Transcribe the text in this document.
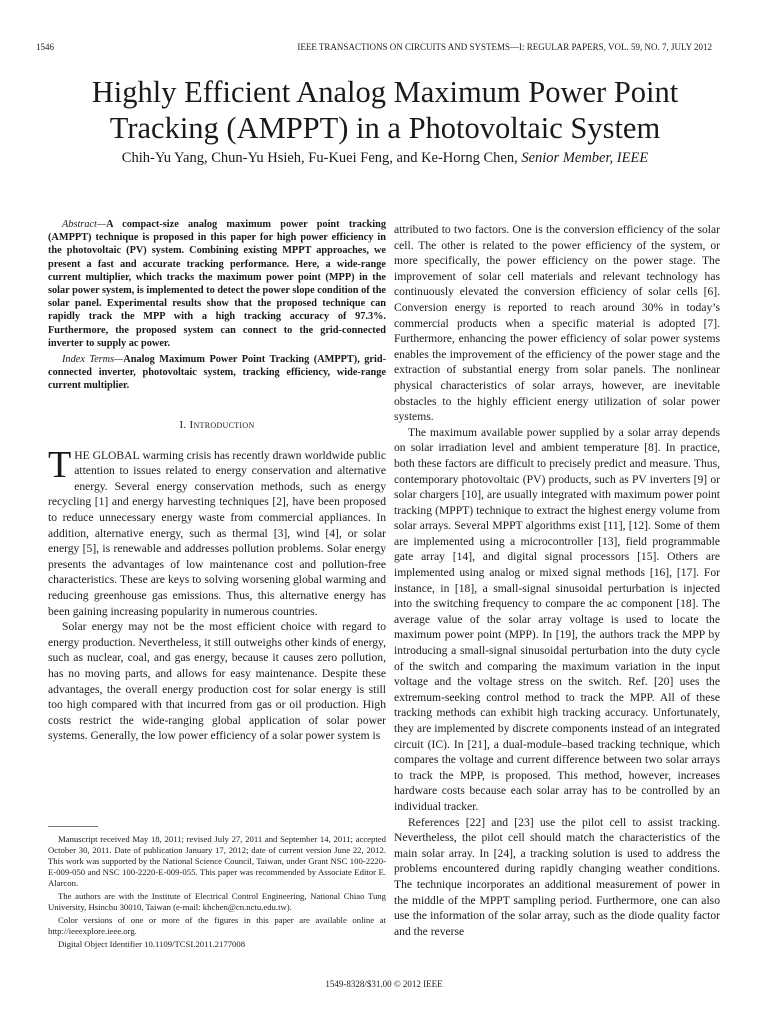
1546	IEEE TRANSACTIONS ON CIRCUITS AND SYSTEMS—I: REGULAR PAPERS, VOL. 59, NO. 7, JULY 2012
Highly Efficient Analog Maximum Power Point Tracking (AMPPT) in a Photovoltaic System
Chih-Yu Yang, Chun-Yu Hsieh, Fu-Kuei Feng, and Ke-Horng Chen, Senior Member, IEEE

Abstract—A compact-size analog maximum power point tracking (AMPPT) technique is proposed in this paper for high power efficiency in the photovoltaic (PV) system. Combining existing MPPT approaches, we present a fast and accurate tracking performance. Here, a wide-range current multiplier, which tracks the maximum power point (MPP) in the solar power system, is implemented to detect the power slope condition of the solar panel. Experimental results show that the proposed technique can rapidly track the MPP with a high tracking accuracy of 97.3%. Furthermore, the proposed system can connect to the grid-connected inverter to supply ac power.

Index Terms—Analog Maximum Power Point Tracking (AMPPT), grid-connected inverter, photovoltaic system, tracking efficiency, wide-range current multiplier.

I. Introduction

THE GLOBAL warming crisis has recently drawn worldwide public attention to issues related to energy conservation and alternative energy. Several energy conservation methods, such as energy recycling [1] and energy harvesting techniques [2], have been proposed to reduce unnecessary energy waste from commercial appliances. In addition, alternative energy, such as thermal [3], wind [4], or solar energy [5], is renewable and addresses pollution problems. Solar energy presents the advantages of low maintenance cost and pollution-free characteristics. These are keys to solving worsening global warming and reducing greenhouse gas emissions. Thus, this alternative energy has been gaining increasing popularity in numerous countries.

Solar energy may not be the most efficient choice with regard to energy production. Nevertheless, it still outweighs other kinds of energy, such as nuclear, coal, and gas energy, because it causes zero pollution, has no moving parts, and allows for easy maintenance. Despite these advantages, the overall energy production cost for solar energy is still too high compared with that incurred from gas or oil production. High costs restrict the wide-ranging global application of solar power systems. Generally, the low power efficiency of a solar power system is

attributed to two factors. One is the conversion efficiency of the solar cell. The other is related to the power efficiency of the system, or more specifically, the power efficiency on the power stage. The improvement of solar cell materials and relevant technology has continuously elevated the conversion efficiency of solar cells [6]. Conversion energy is reported to reach around 30% in today’s commercial products when a specific material is adopted [7]. Furthermore, enhancing the power efficiency of solar power systems enables the improvement of the efficiency of the power stage and the extraction of substantial energy from solar panels. The nonlinear physical characteristics of solar arrays, however, are inevitable obstacles to the highly efficient energy utilization of solar power systems.

The maximum available power supplied by a solar array depends on solar irradiation level and ambient temperature [8]. In practice, both these factors are difficult to precisely predict and measure. Thus, contemporary photovoltaic (PV) products, such as PV inverters [9] or solar chargers [10], are usually integrated with maximum power point tracking (MPPT) technique to extract the highest energy volume from solar arrays. Several MPPT algorithms exist [11], [12]. Some of them are implemented using a microcontroller [13], field programmable gate array [14], and digital signal processors [15]. Others are implemented using analog or mixed signal methods [16], [17]. For instance, in [18], a small-signal sinusoidal perturbation is injected into the switching frequency to compare the ac component [18]. The average value of the solar array voltage is used to locate the maximum power point (MPP). In [19], the authors track the MPP by introducing a small-signal sinusoidal perturbation into the duty cycle of the switch and comparing the maximum variation in the input voltage and the voltage stress on the switch. Ref. [20] uses the extremum-seeking control method to track the MPP. All of these tracking methods can exhibit high tracking accuracy. Unfortunately, they are implemented by discrete components instead of an integrated circuit (IC). In [21], a dual-module–based tracking technique, which compares the voltage and current difference between two solar arrays to track the MPP, is proposed. This method, however, increases hardware costs because each solar array has to be controlled by an individual tracker.

References [22] and [23] use the pilot cell to assist tracking. Nevertheless, the pilot cell should match the characteristics of the main solar array. In [24], a tracking solution is used to address the problems encountered during rapidly changing weather conditions. The technique incorporates an additional measurement of power in the middle of the MPPT sampling period. Furthermore, one can also use the information of the solar array, such as the diode quality factor and the reverse

Manuscript received May 18, 2011; revised July 27, 2011 and September 14, 2011; accepted October 30, 2011. Date of publication January 17, 2012; date of current version June 22, 2012. This work was supported by the National Science Council, Taiwan, under Grant NSC 100-2220-E-009-050 and NSC 100-2220-E-009-055. This paper was recommended by Associate Editor E. Alarcon.

The authors are with the Institute of Electrical Control Engineering, National Chiao Tung University, Hsinchu 30010, Taiwan (e-mail: khchen@cn.nctu.edu.tw).

Color versions of one or more of the figures in this paper are available online at http://ieeexplore.ieee.org.

Digital Object Identifier 10.1109/TCSI.2011.2177008

1549-8328/$31.00 © 2012 IEEE
